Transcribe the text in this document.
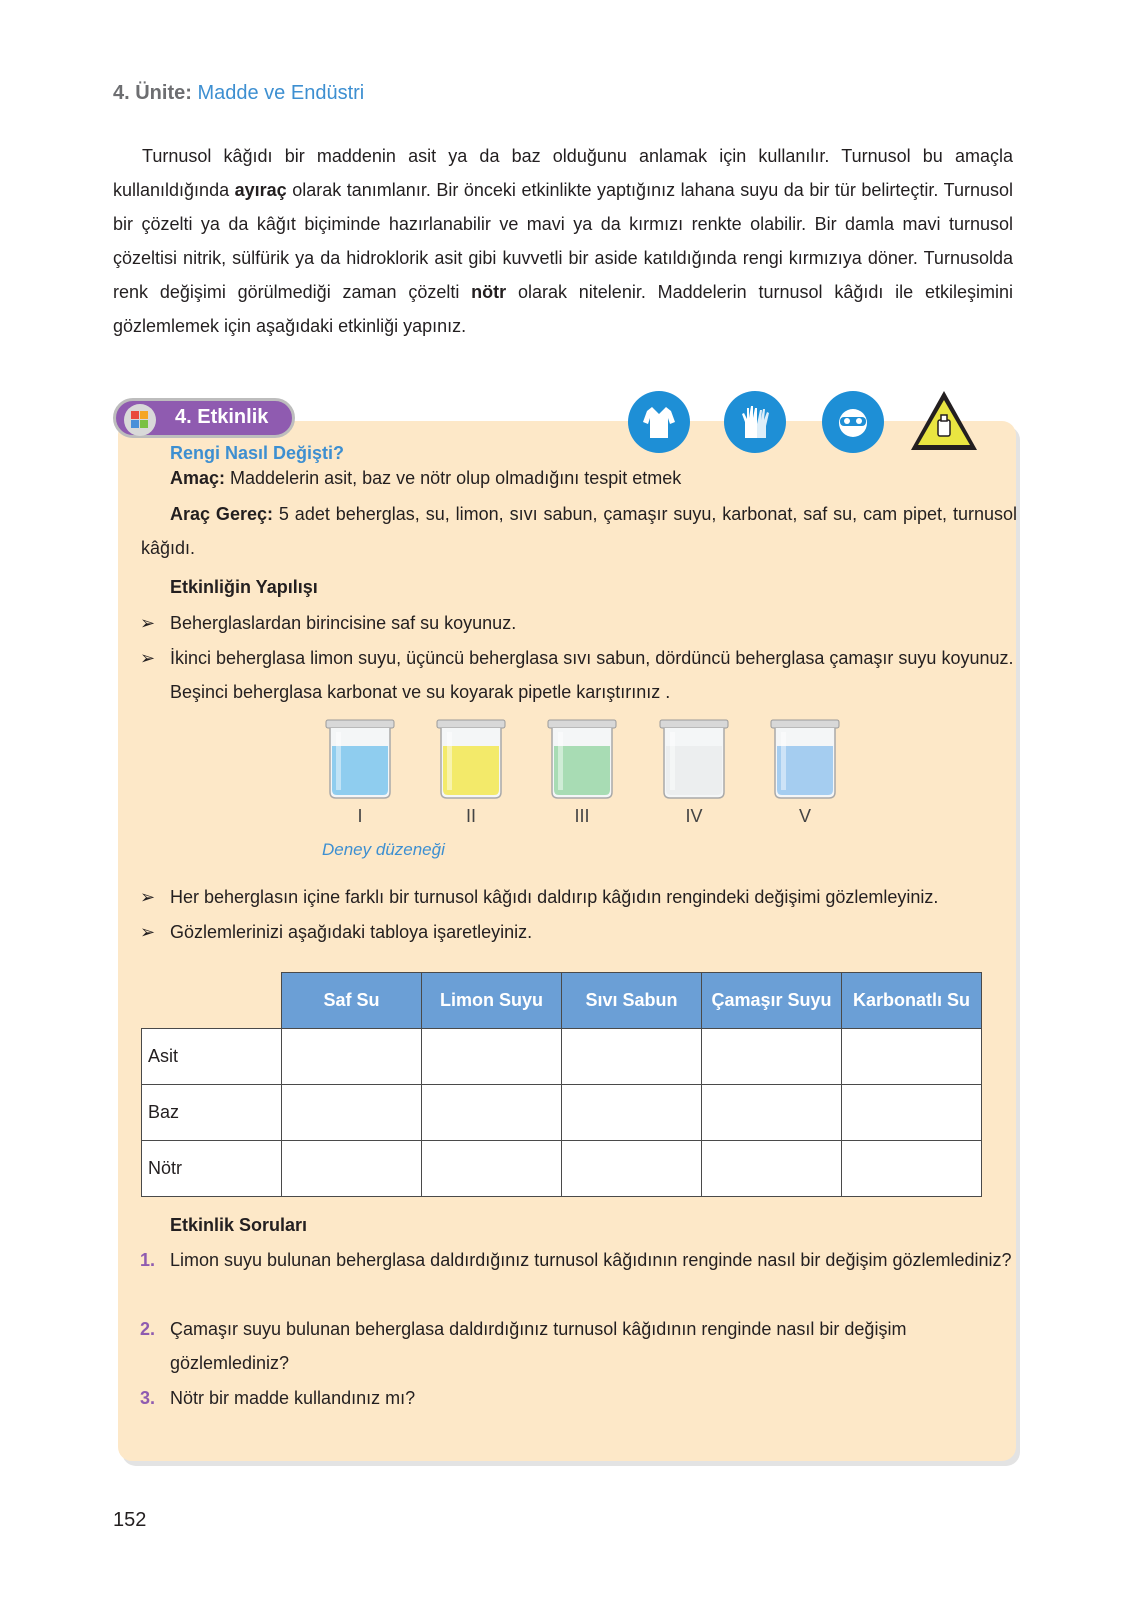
4. Ünite: Madde ve Endüstri

Turnusol kâğıdı bir maddenin asit ya da baz olduğunu anlamak için kullanılır. Turnusol bu amaçla kullanıldığında ayıraç olarak tanımlanır. Bir önceki etkinlikte yaptığınız lahana suyu da bir tür belirteçtir. Turnusol bir çözelti ya da kâğıt biçiminde hazırlanabilir ve mavi ya da kırmızı renkte olabilir. Bir damla mavi turnusol çözeltisi nitrik, sülfürik ya da hidroklorik asit gibi kuvvetli bir aside katıldığında rengi kırmızıya döner. Turnusolda renk değişimi görülmediği zaman çözelti nötr olarak nitelenir. Maddelerin turnusol kâğıdı ile etkileşimini gözlemlemek için aşağıdaki etkinliği yapınız.

4. Etkinlik
Rengi Nasıl Değişti?
Amaç: Maddelerin asit, baz ve nötr olup olmadığını tespit etmek
Araç Gereç: 5 adet beherglas, su, limon, sıvı sabun, çamaşır suyu, karbonat, saf su, cam pipet, turnusol kâğıdı.
Etkinliğin Yapılışı
➢ Beherglaslardan birincisine saf su koyunuz.
➢ İkinci beherglasa limon suyu, üçüncü beherglasa sıvı sabun, dördüncü beherglasa çamaşır suyu koyunuz. Beşinci beherglasa karbonat ve su koyarak pipetle karıştırınız .
I	II	III	IV	V
Deney düzeneği
➢ Her beherglasın içine farklı bir turnusol kâğıdı daldırıp kâğıdın rengindeki değişimi gözlemleyiniz.
➢ Gözlemlerinizi aşağıdaki tabloya işaretleyiniz.
	Saf Su	Limon Suyu	Sıvı Sabun	Çamaşır Suyu	Karbonatlı Su
Asit					
Baz					
Nötr					
Etkinlik Soruları
1. Limon suyu bulunan beherglasa daldırdığınız turnusol kâğıdının renginde nasıl bir değişim gözlemlediniz?
2. Çamaşır suyu bulunan beherglasa daldırdığınız turnusol kâğıdının renginde nasıl bir değişim gözlemlediniz?
3. Nötr bir madde kullandınız mı?
152
